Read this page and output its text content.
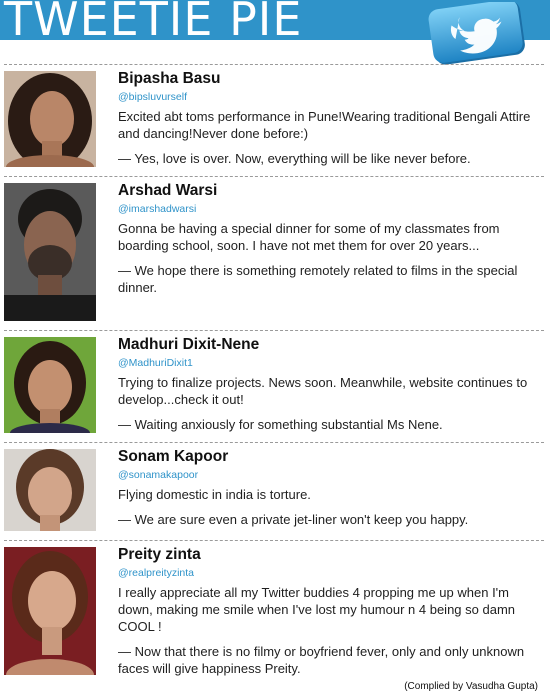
TWEETIE PIE
Bipasha Basu
@bipsluvurself
Excited abt toms performance in Pune!Wearing traditional Bengali Attire and dancing!Never done before:)
— Yes, love is over. Now, everything will be like never before.
Arshad Warsi
@imarshadwarsi
Gonna be having a special dinner for some of my classmates from boarding school, soon. I have not met them for over 20 years...
— We hope there is something remotely related to films in the special dinner.
Madhuri Dixit-Nene
@MadhuriDixit1
Trying to finalize projects. News soon. Meanwhile, website continues to develop...check it out!
— Waiting anxiously for something substantial Ms Nene.
Sonam Kapoor
@sonamakapoor
Flying domestic in india is torture.
— We are sure even a private jet-liner won't keep you happy.
Preity zinta
@realpreityzinta
I really appreciate all my Twitter buddies 4 propping me up when I'm down, making me smile when I've lost my humour n 4 being so damn COOL !
— Now that there is no filmy or boyfriend fever, only and only unknown faces will give happiness Preity.
(Complied by Vasudha Gupta)
